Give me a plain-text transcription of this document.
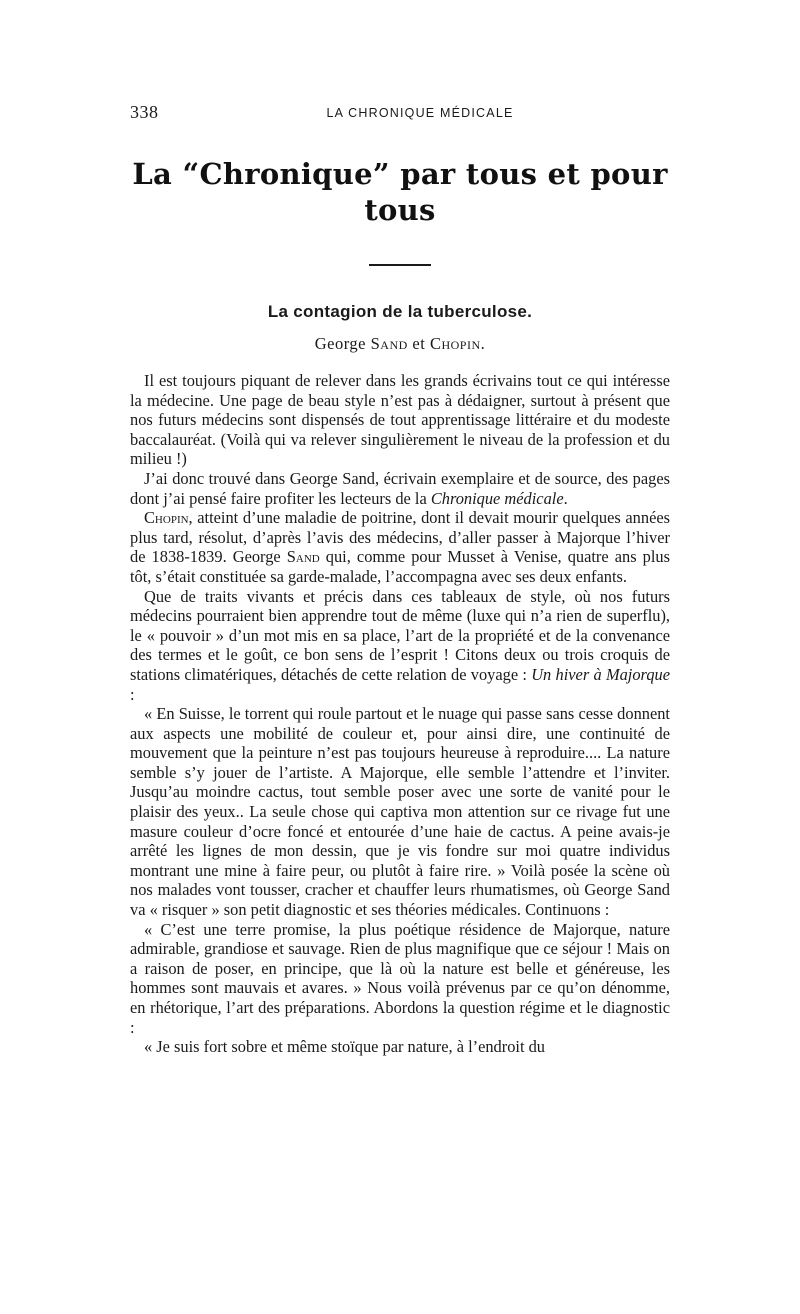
338	LA CHRONIQUE MÉDICALE
La “Chronique” par tous et pour tous
La contagion de la tuberculose.
George Sand et Chopin.

Il est toujours piquant de relever dans les grands écrivains tout ce qui intéresse la médecine. Une page de beau style n’est pas à dédaigner, surtout à présent que nos futurs médecins sont dispensés de tout apprentissage littéraire et du modeste baccalauréat. (Voilà qui va relever singulièrement le niveau de la profession et du milieu !)

J’ai donc trouvé dans George Sand, écrivain exemplaire et de source, des pages dont j’ai pensé faire profiter les lecteurs de la Chronique médicale.

Chopin, atteint d’une maladie de poitrine, dont il devait mourir quelques années plus tard, résolut, d’après l’avis des médecins, d’aller passer à Majorque l’hiver de 1838-1839. George Sand qui, comme pour Musset à Venise, quatre ans plus tôt, s’était constituée sa garde-malade, l’accompagna avec ses deux enfants.

Que de traits vivants et précis dans ces tableaux de style, où nos futurs médecins pourraient bien apprendre tout de même (luxe qui n’a rien de superflu), le « pouvoir » d’un mot mis en sa place, l’art de la propriété et de la convenance des termes et le goût, ce bon sens de l’esprit ! Citons deux ou trois croquis de stations climatériques, détachés de cette relation de voyage : Un hiver à Majorque :

« En Suisse, le torrent qui roule partout et le nuage qui passe sans cesse donnent aux aspects une mobilité de couleur et, pour ainsi dire, une continuité de mouvement que la peinture n’est pas toujours heureuse à reproduire.... La nature semble s’y jouer de l’artiste. A Majorque, elle semble l’attendre et l’inviter. Jusqu’au moindre cactus, tout semble poser avec une sorte de vanité pour le plaisir des yeux.. La seule chose qui captiva mon attention sur ce rivage fut une masure couleur d’ocre foncé et entourée d’une haie de cactus. A peine avais-je arrêté les lignes de mon dessin, que je vis fondre sur moi quatre individus montrant une mine à faire peur, ou plutôt à faire rire. » Voilà posée la scène où nos malades vont tousser, cracher et chauffer leurs rhumatismes, où George Sand va « risquer » son petit diagnostic et ses théories médicales. Continuons :

« C’est une terre promise, la plus poétique résidence de Majorque, nature admirable, grandiose et sauvage. Rien de plus magnifique que ce séjour ! Mais on a raison de poser, en principe, que là où la nature est belle et généreuse, les hommes sont mauvais et avares. » Nous voilà prévenus par ce qu’on dénomme, en rhétorique, l’art des préparations. Abordons la question régime et le diagnostic :

« Je suis fort sobre et même stoïque par nature, à l’endroit du
